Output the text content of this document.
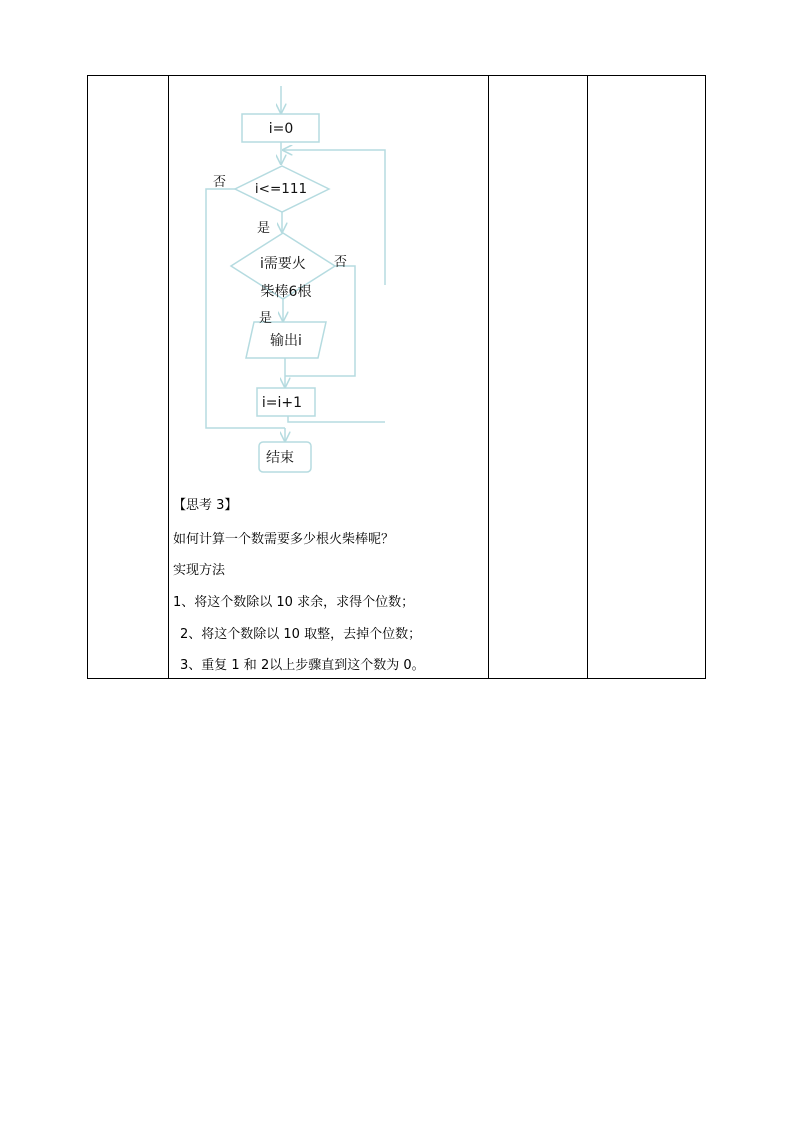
i=0
i<=111
否
是
i需要火
柴棒6根
否
是
输出i
i=i+1
结束
【思考 3】
如何计算一个数需要多少根火柴棒呢？
实现方法
1、将这个数除以 10 求余，求得个位数；
2、将这个数除以 10 取整，去掉个位数；
3、重复 1 和 2以上步骤直到这个数为 0。
